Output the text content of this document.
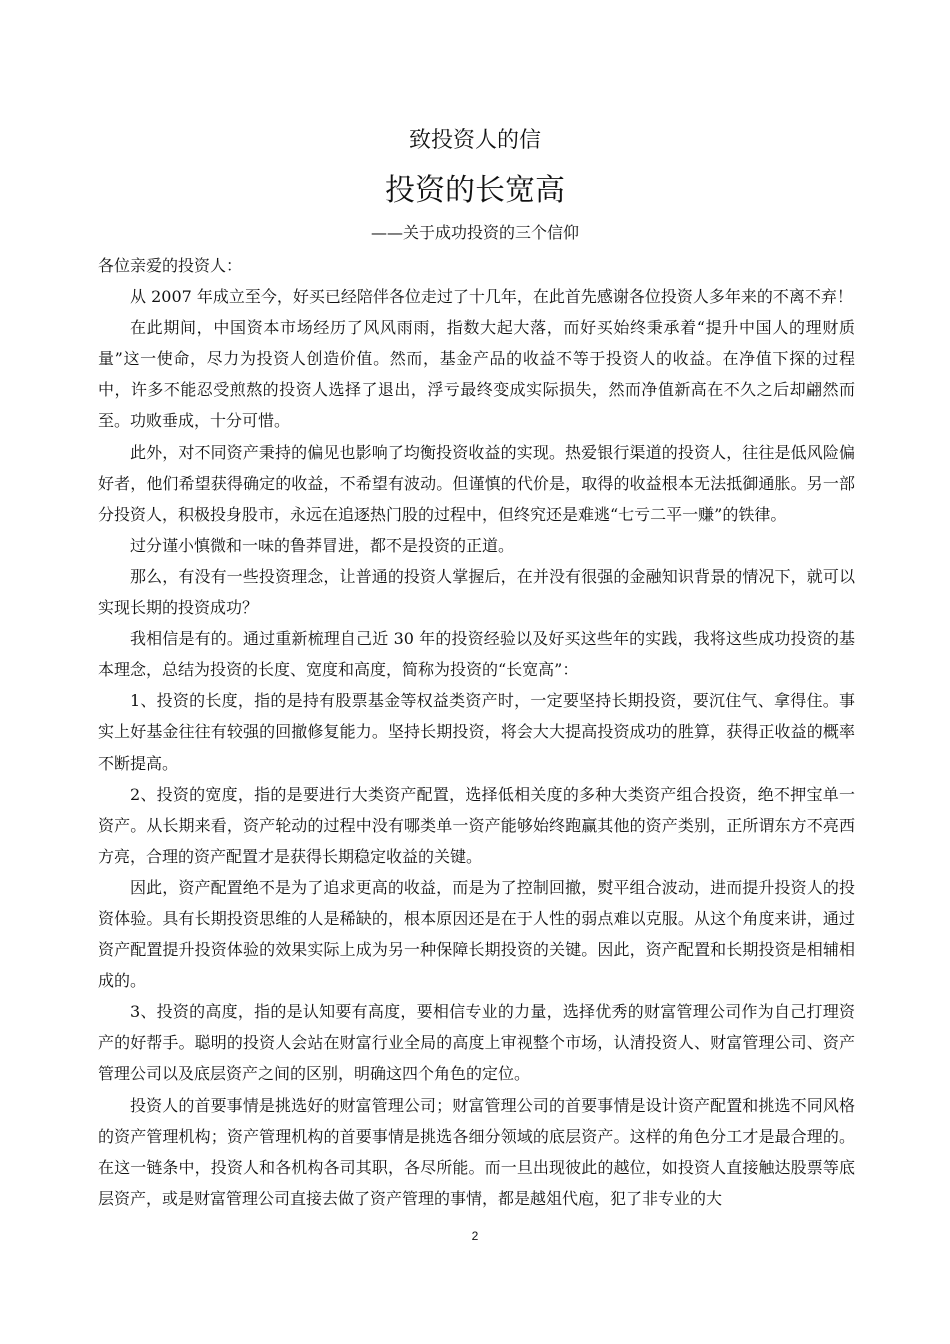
致投资人的信
投资的长宽高
——关于成功投资的三个信仰

各位亲爱的投资人：

从 2007 年成立至今，好买已经陪伴各位走过了十几年，在此首先感谢各位投资人多年来的不离不弃！

在此期间，中国资本市场经历了风风雨雨，指数大起大落，而好买始终秉承着“提升中国人的理财质量”这一使命，尽力为投资人创造价值。然而，基金产品的收益不等于投资人的收益。在净值下探的过程中，许多不能忍受煎熬的投资人选择了退出，浮亏最终变成实际损失，然而净值新高在不久之后却翩然而至。功败垂成，十分可惜。

此外，对不同资产秉持的偏见也影响了均衡投资收益的实现。热爱银行渠道的投资人，往往是低风险偏好者，他们希望获得确定的收益，不希望有波动。但谨慎的代价是，取得的收益根本无法抵御通胀。另一部分投资人，积极投身股市，永远在追逐热门股的过程中，但终究还是难逃“七亏二平一赚”的铁律。

过分谨小慎微和一味的鲁莽冒进，都不是投资的正道。

那么，有没有一些投资理念，让普通的投资人掌握后，在并没有很强的金融知识背景的情况下，就可以实现长期的投资成功？

我相信是有的。通过重新梳理自己近 30 年的投资经验以及好买这些年的实践，我将这些成功投资的基本理念，总结为投资的长度、宽度和高度，简称为投资的“长宽高”：

1、投资的长度，指的是持有股票基金等权益类资产时，一定要坚持长期投资，要沉住气、拿得住。事实上好基金往往有较强的回撤修复能力。坚持长期投资，将会大大提高投资成功的胜算，获得正收益的概率不断提高。

2、投资的宽度，指的是要进行大类资产配置，选择低相关度的多种大类资产组合投资，绝不押宝单一资产。从长期来看，资产轮动的过程中没有哪类单一资产能够始终跑赢其他的资产类别，正所谓东方不亮西方亮，合理的资产配置才是获得长期稳定收益的关键。

因此，资产配置绝不是为了追求更高的收益，而是为了控制回撤，熨平组合波动，进而提升投资人的投资体验。具有长期投资思维的人是稀缺的，根本原因还是在于人性的弱点难以克服。从这个角度来讲，通过资产配置提升投资体验的效果实际上成为另一种保障长期投资的关键。因此，资产配置和长期投资是相辅相成的。

3、投资的高度，指的是认知要有高度，要相信专业的力量，选择优秀的财富管理公司作为自己打理资产的好帮手。聪明的投资人会站在财富行业全局的高度上审视整个市场，认清投资人、财富管理公司、资产管理公司以及底层资产之间的区别，明确这四个角色的定位。

投资人的首要事情是挑选好的财富管理公司；财富管理公司的首要事情是设计资产配置和挑选不同风格的资产管理机构；资产管理机构的首要事情是挑选各细分领域的底层资产。这样的角色分工才是最合理的。在这一链条中，投资人和各机构各司其职，各尽所能。而一旦出现彼此的越位，如投资人直接触达股票等底层资产，或是财富管理公司直接去做了资产管理的事情，都是越俎代庖，犯了非专业的大

2
